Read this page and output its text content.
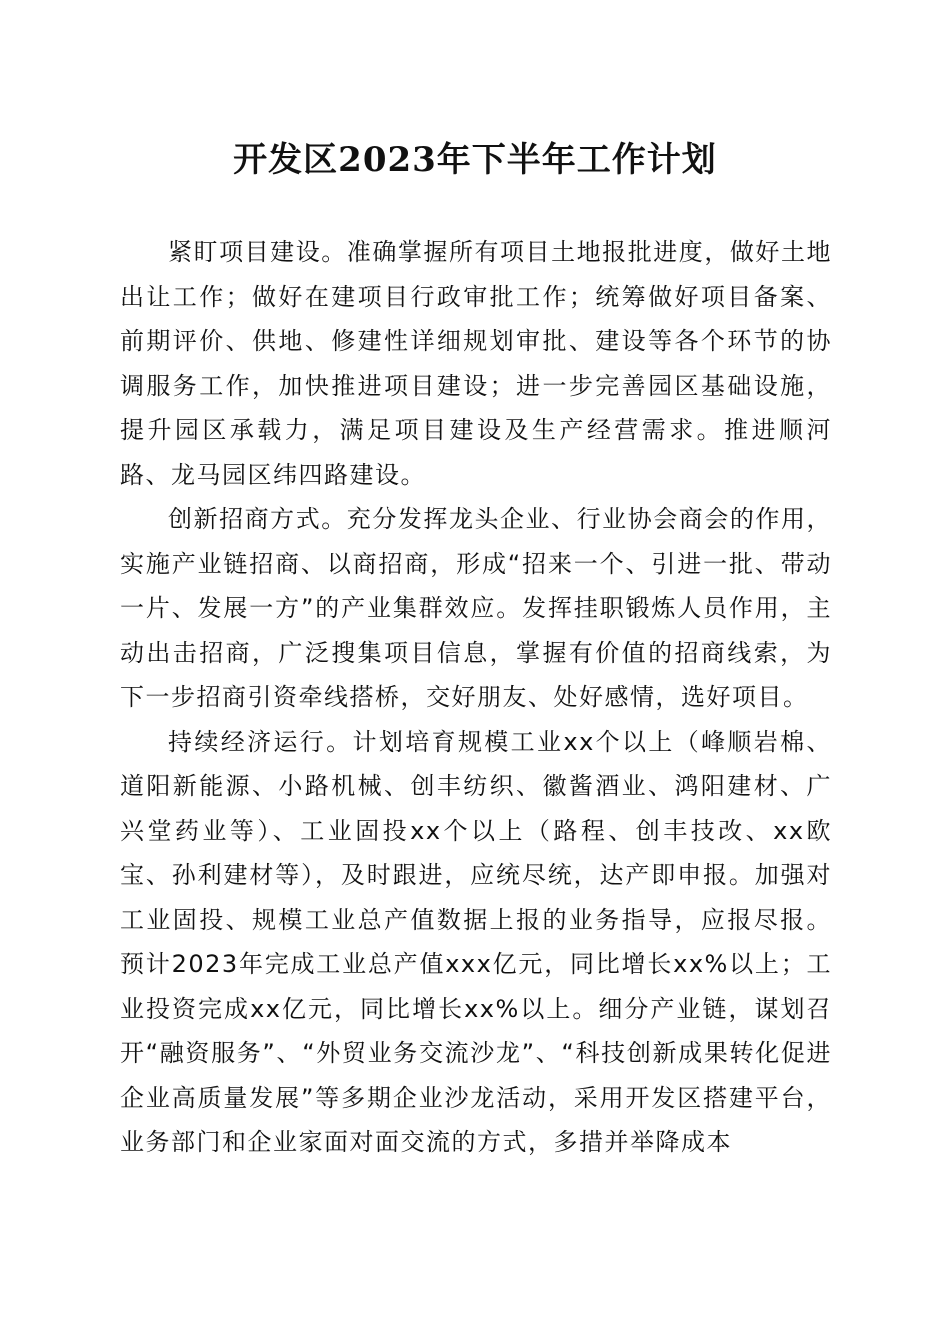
开发区2023年下半年工作计划

紧盯项目建设。准确掌握所有项目土地报批进度，做好土地出让工作；做好在建项目行政审批工作；统筹做好项目备案、前期评价、供地、修建性详细规划审批、建设等各个环节的协调服务工作，加快推进项目建设；进一步完善园区基础设施，提升园区承载力，满足项目建设及生产经营需求。推进顺河路、龙马园区纬四路建设。

创新招商方式。充分发挥龙头企业、行业协会商会的作用，实施产业链招商、以商招商，形成“招来一个、引进一批、带动一片、发展一方”的产业集群效应。发挥挂职锻炼人员作用，主动出击招商，广泛搜集项目信息，掌握有价值的招商线索，为下一步招商引资牵线搭桥，交好朋友、处好感情，选好项目。

持续经济运行。计划培育规模工业xx个以上（峰顺岩棉、道阳新能源、小路机械、创丰纺织、徽酱酒业、鸿阳建材、广兴堂药业等）、工业固投xx个以上（路程、创丰技改、xx欧宝、孙利建材等），及时跟进，应统尽统，达产即申报。加强对工业固投、规模工业总产值数据上报的业务指导，应报尽报。预计2023年完成工业总产值xxx亿元，同比增长xx%以上；工业投资完成xx亿元，同比增长xx%以上。细分产业链，谋划召开“融资服务”、“外贸业务交流沙龙”、“科技创新成果转化促进企业高质量发展”等多期企业沙龙活动，采用开发区搭建平台，业务部门和企业家面对面交流的方式，多措并举降成本
